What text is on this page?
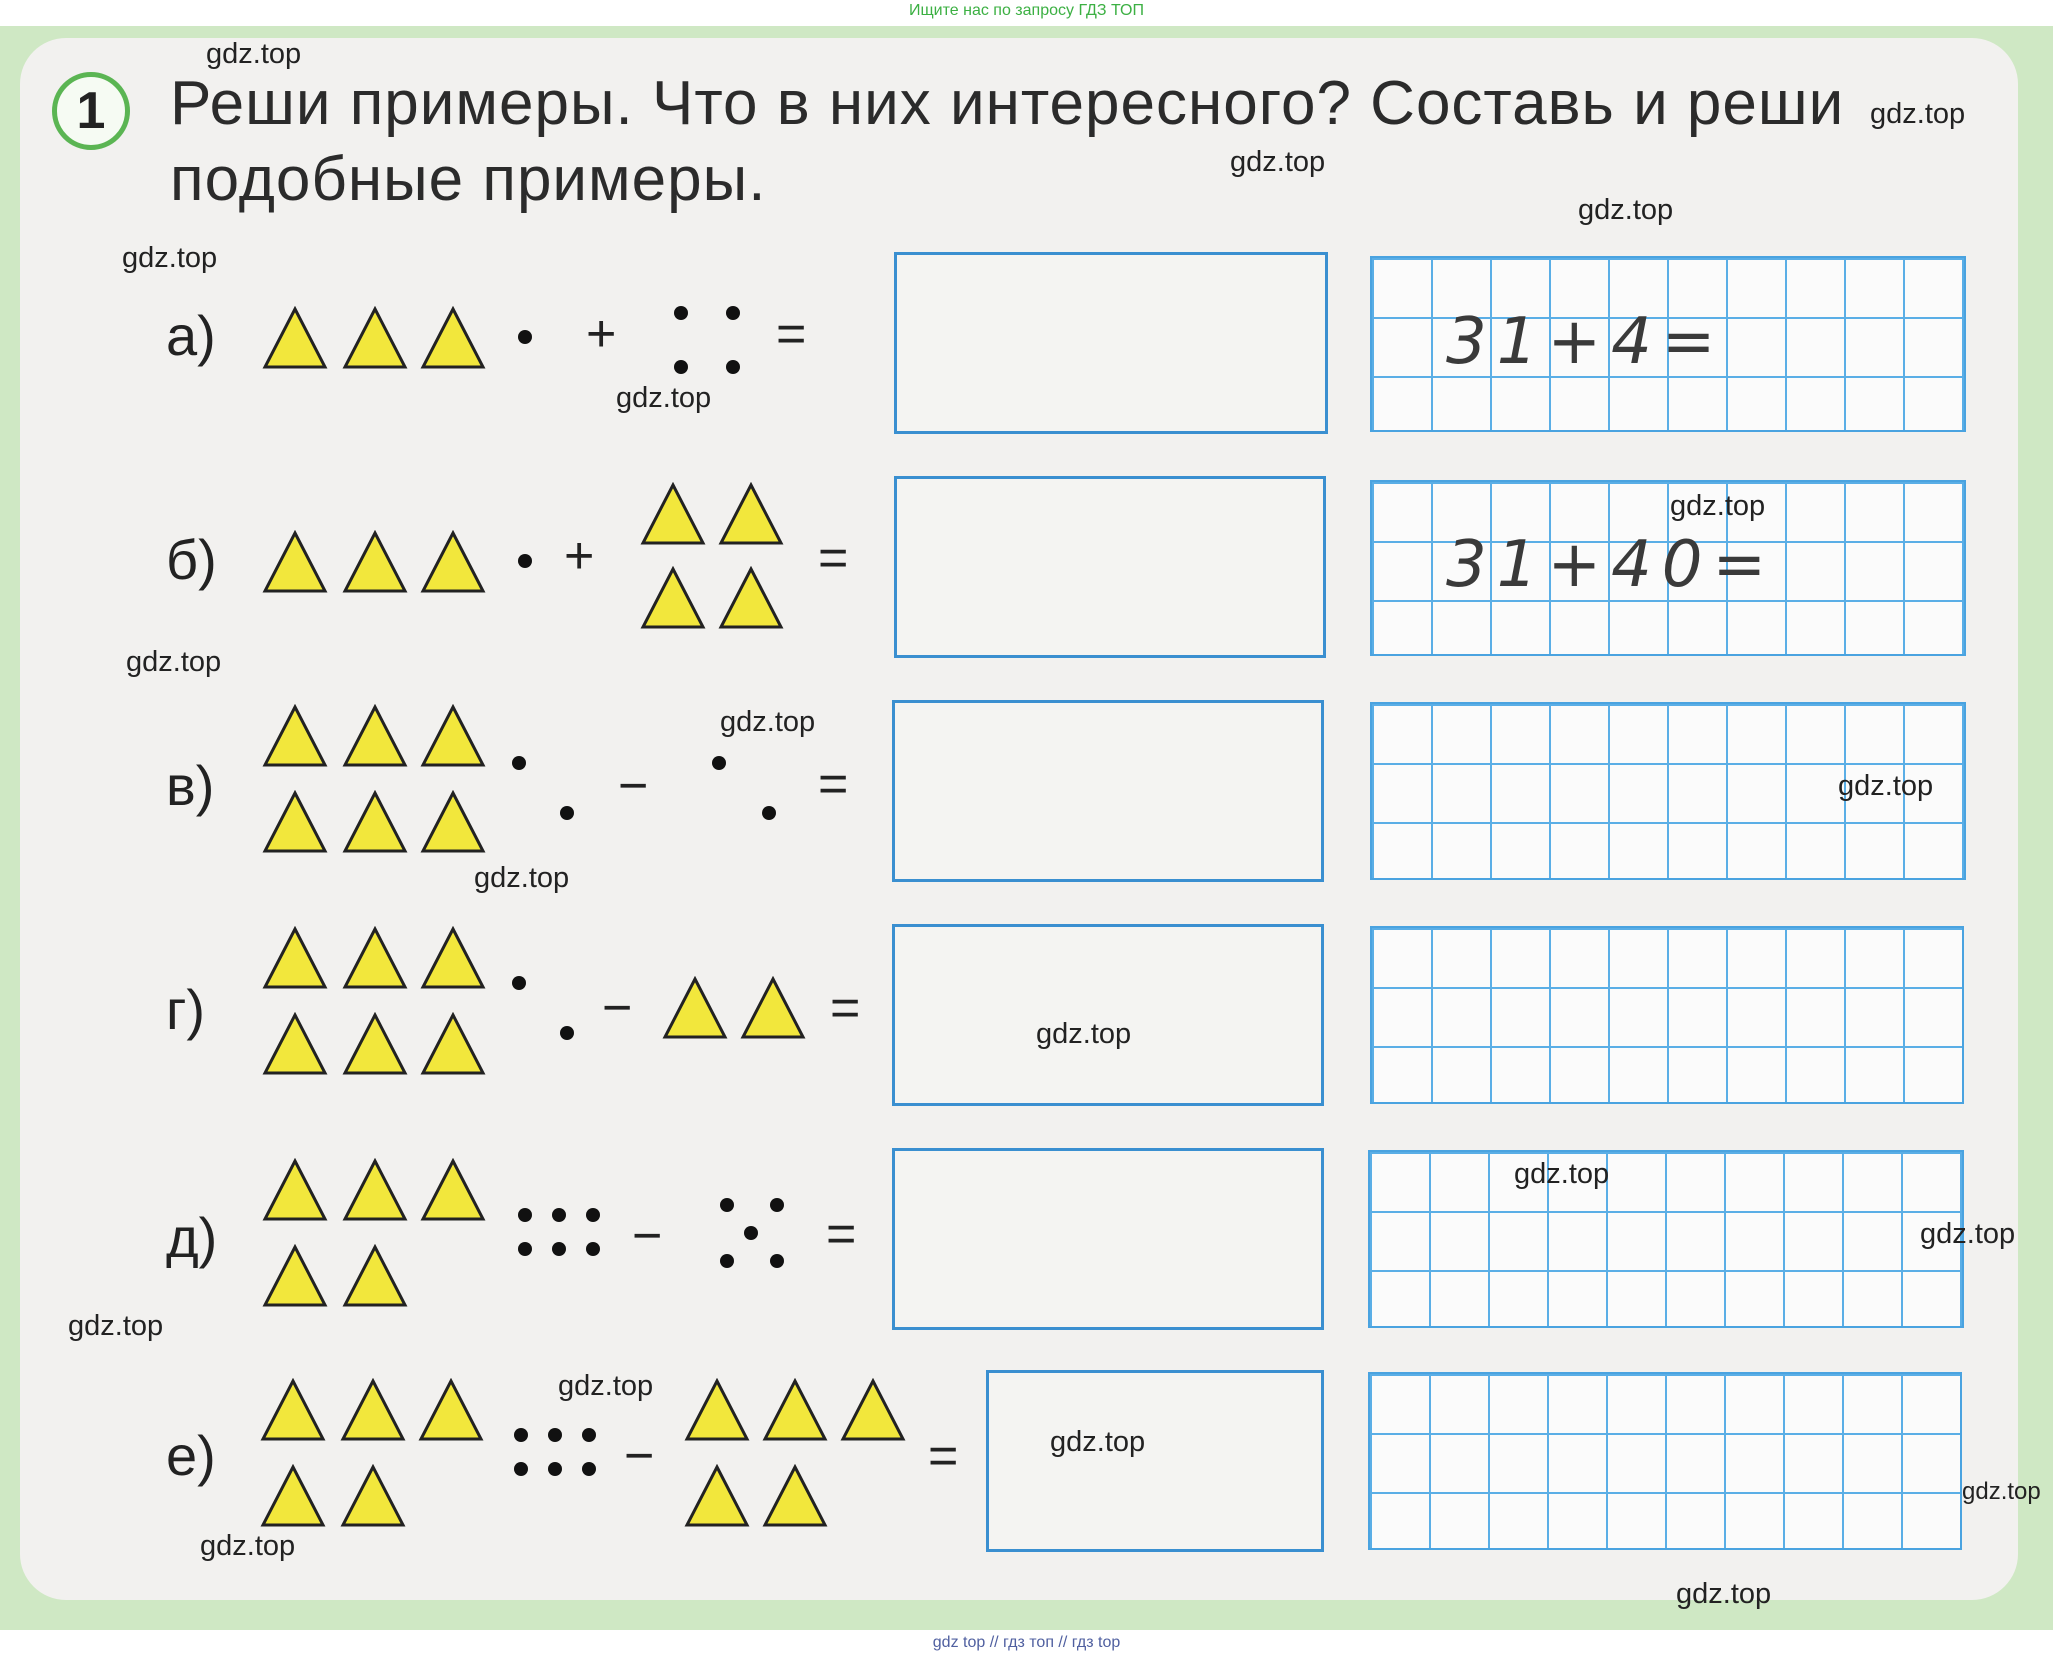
Ищите нас по запросу ГДЗ ТОП
1	Реши примеры. Что в них интересного? Составь и реши
подобные примеры.
а)	+	=	31+4=
б)	+	=	31+40=
в)	−	=
г)	−	=
д)	−	=
е)	−	=
gdz.top
gdz.top
gdz.top
gdz.top
gdz.top
gdz.top
gdz.top
gdz.top
gdz.top
gdz.top
gdz.top
gdz.top
gdz.top
gdz.top
gdz.top
gdz.top
gdz.top
gdz.top
gdz.top
gdz.top
gdz top // гдз топ // гдз top
